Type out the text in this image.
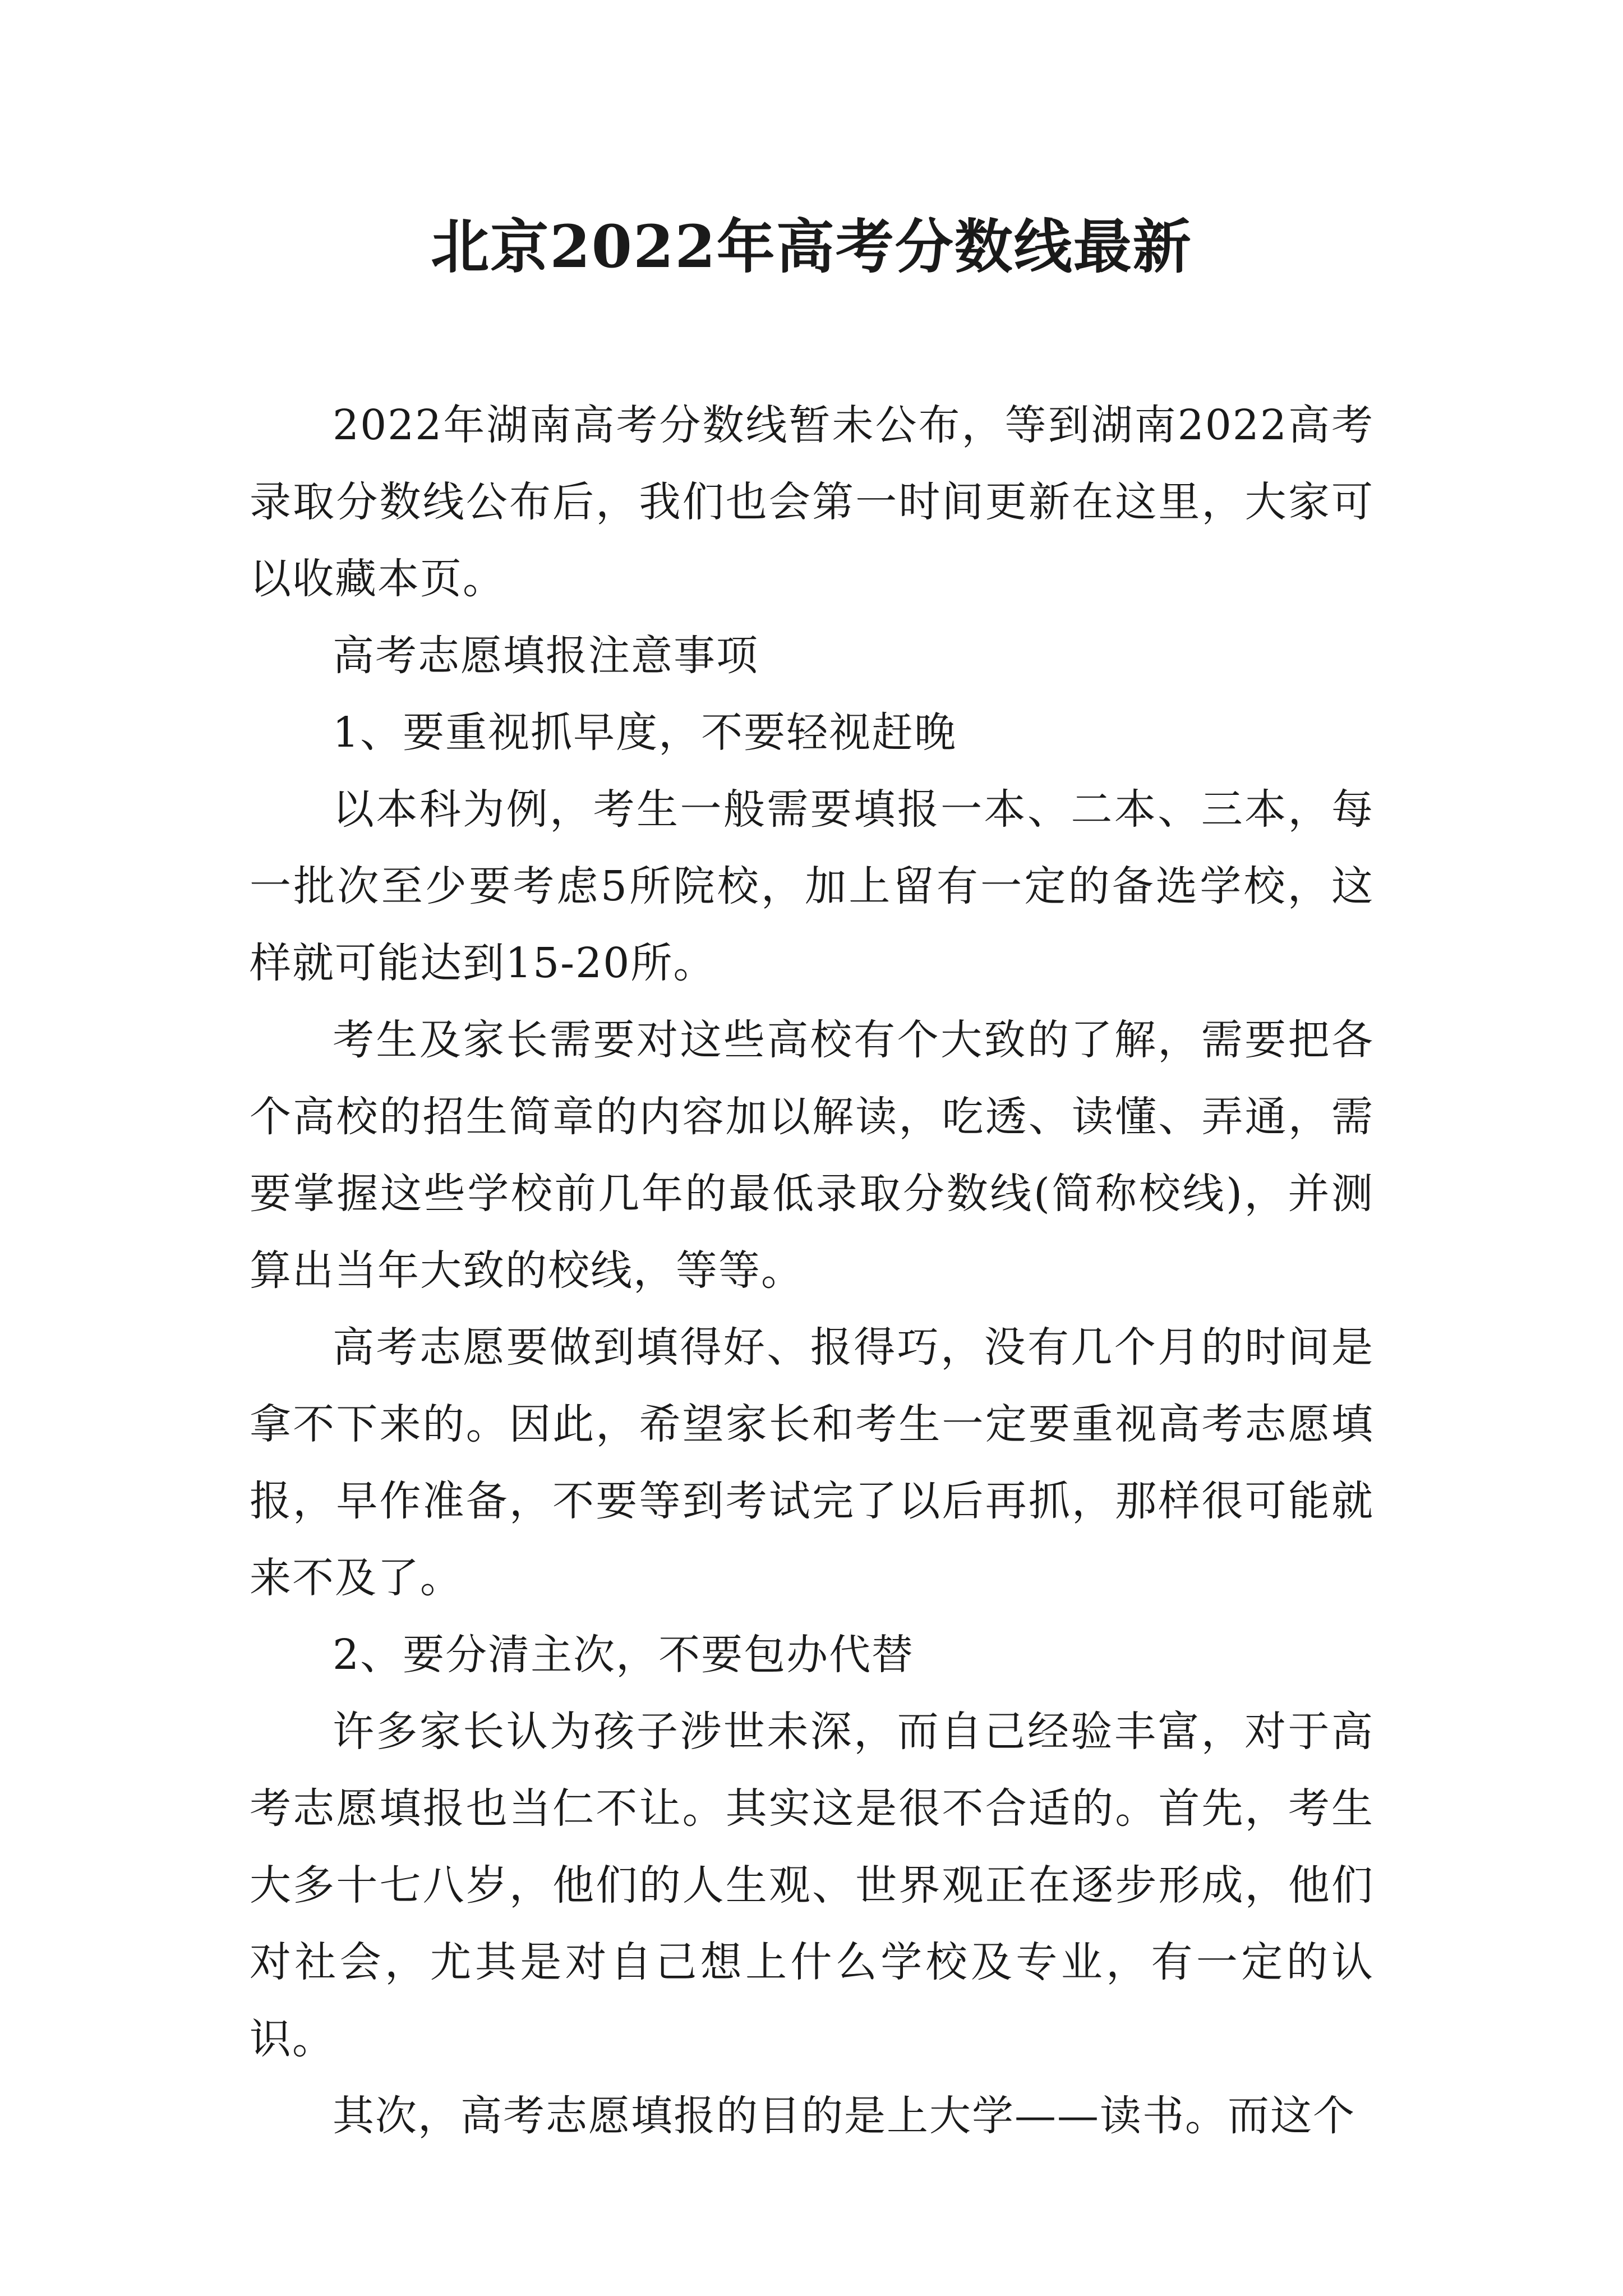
北京2022年高考分数线最新

2022年湖南高考分数线暂未公布，等到湖南2022高考录取分数线公布后，我们也会第一时间更新在这里，大家可以收藏本页。

高考志愿填报注意事项

1、要重视抓早度，不要轻视赶晚

以本科为例，考生一般需要填报一本、二本、三本，每一批次至少要考虑5所院校，加上留有一定的备选学校，这样就可能达到15-20所。

考生及家长需要对这些高校有个大致的了解，需要把各个高校的招生简章的内容加以解读，吃透、读懂、弄通，需要掌握这些学校前几年的最低录取分数线(简称校线)，并测算出当年大致的校线，等等。

高考志愿要做到填得好、报得巧，没有几个月的时间是拿不下来的。因此，希望家长和考生一定要重视高考志愿填报，早作准备，不要等到考试完了以后再抓，那样很可能就来不及了。

2、要分清主次，不要包办代替

许多家长认为孩子涉世未深，而自己经验丰富，对于高考志愿填报也当仁不让。其实这是很不合适的。首先，考生大多十七八岁，他们的人生观、世界观正在逐步形成，他们对社会，尤其是对自己想上什么学校及专业，有一定的认识。

其次，高考志愿填报的目的是上大学——读书。而这个
